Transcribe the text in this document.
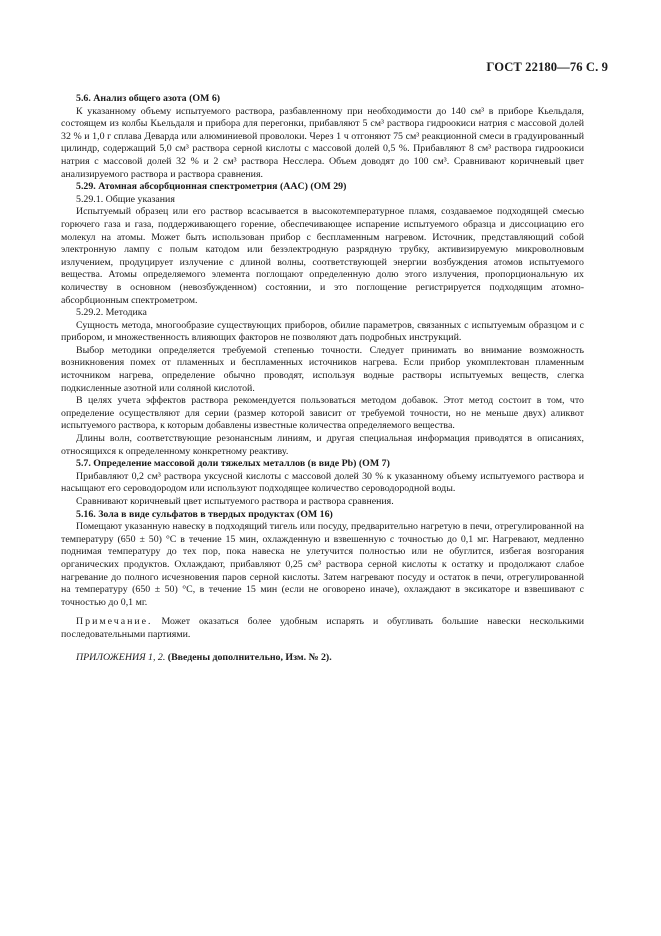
ГОСТ 22180—76 С. 9

5.6. Анализ общего азота (ОМ 6)

К указанному объему испытуемого раствора, разбавленному при необходимости до 140 см³ в приборе Кьельдаля, состоящем из колбы Кьельдаля и прибора для перегонки, прибавляют 5 см³ раствора гидроокиси натрия с массовой долей 32 % и 1,0 г сплава Деварда или алюминиевой проволоки. Через 1 ч отгоняют 75 см³ реакционной смеси в градуированный цилиндр, содержащий 5,0 см³ раствора серной кислоты с массовой долей 0,5 %. Прибавляют 8 см³ раствора гидроокиси натрия с массовой долей 32 % и 2 см³ раствора Несслера. Объем доводят до 100 см³. Сравнивают коричневый цвет анализируемого раствора и раствора сравнения.

5.29. Атомная абсорбционная спектрометрия (AAC) (ОМ 29)

5.29.1. Общие указания

Испытуемый образец или его раствор всасывается в высокотемпературное пламя, создаваемое подходящей смесью горючего газа и газа, поддерживающего горение, обеспечивающее испарение испытуемого образца и диссоциацию его молекул на атомы. Может быть использован прибор с беспламенным нагревом. Источник, представляющий собой электронную лампу с полым катодом или безэлектродную разрядную трубку, активизируемую микроволновым излучением, продуцирует излучение с длиной волны, соответствующей энергии возбуждения атомов испытуемого вещества. Атомы определяемого элемента поглощают определенную долю этого излучения, пропорциональную их количеству в основном (невозбужденном) состоянии, и это поглощение регистрируется подходящим атомно-абсорбционным спектрометром.

5.29.2. Методика

Сущность метода, многообразие существующих приборов, обилие параметров, связанных с испытуемым образцом и с прибором, и множественность влияющих факторов не позволяют дать подробных инструкций.

Выбор методики определяется требуемой степенью точности. Следует принимать во внимание возможность возникновения помех от пламенных и беспламенных источников нагрева. Если прибор укомплектован пламенным источником нагрева, определение обычно проводят, используя водные растворы испытуемых веществ, слегка подкисленные азотной или соляной кислотой.

В целях учета эффектов раствора рекомендуется пользоваться методом добавок. Этот метод состоит в том, что определение осуществляют для серии (размер которой зависит от требуемой точности, но не меньше двух) аликвот испытуемого раствора, к которым добавлены известные количества определяемого вещества.

Длины волн, соответствующие резонансным линиям, и другая специальная информация приводятся в описаниях, относящихся к определенному конкретному реактиву.

5.7. Определение массовой доли тяжелых металлов (в виде Pb) (ОМ 7)

Прибавляют 0,2 см³ раствора уксусной кислоты с массовой долей 30 % к указанному объему испытуемого раствора и насыщают его сероводородом или используют подходящее количество сероводородной воды.

Сравнивают коричневый цвет испытуемого раствора и раствора сравнения.

5.16. Зола в виде сульфатов в твердых продуктах (ОМ 16)

Помещают указанную навеску в подходящий тигель или посуду, предварительно нагретую в печи, отрегулированной на температуру (650 ± 50) °С в течение 15 мин, охлажденную и взвешенную с точностью до 0,1 мг. Нагревают, медленно поднимая температуру до тех пор, пока навеска не улетучится полностью или не обуглится, избегая возгорания органических продуктов. Охлаждают, прибавляют 0,25 см³ раствора серной кислоты к остатку и продолжают слабое нагревание до полного исчезновения паров серной кислоты. Затем нагревают посуду и остаток в печи, отрегулированной на температуру (650 ± 50) °С, в течение 15 мин (если не оговорено иначе), охлаждают в эксикаторе и взвешивают с точностью до 0,1 мг.

Примечание. Может оказаться более удобным испарять и обугливать большие навески несколькими последовательными партиями.

ПРИЛОЖЕНИЯ 1, 2. (Введены дополнительно, Изм. № 2).
